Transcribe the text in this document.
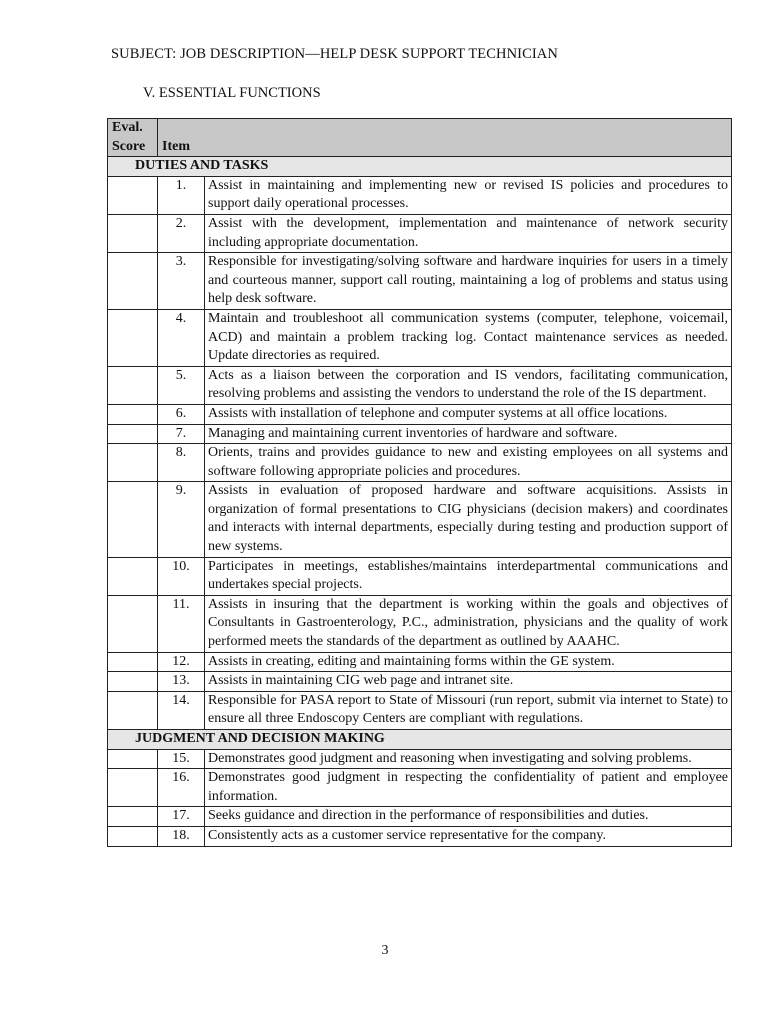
SUBJECT: JOB DESCRIPTION—HELP DESK SUPPORT TECHNICIAN

V. ESSENTIAL FUNCTIONS

Eval.
Score	Item	
DUTIES AND TASKS		
	1.	Assist in maintaining and implementing new or revised IS policies and procedures to support daily operational processes.
	2.	Assist with the development, implementation and maintenance of network security including appropriate documentation.
	3.	Responsible for investigating/solving software and hardware inquiries for users in a timely and courteous manner, support call routing, maintaining a log of problems and status using help desk software.
	4.	Maintain and troubleshoot all communication systems (computer, telephone, voicemail, ACD) and maintain a problem tracking log. Contact maintenance services as needed. Update directories as required.
	5.	Acts as a liaison between the corporation and IS vendors, facilitating communication, resolving problems and assisting the vendors to understand the role of the IS department.
	6.	Assists with installation of telephone and computer systems at all office locations.
	7.	Managing and maintaining current inventories of hardware and software.
	8.	Orients, trains and provides guidance to new and existing employees on all systems and software following appropriate policies and procedures.
	9.	Assists in evaluation of proposed hardware and software acquisitions. Assists in organization of formal presentations to CIG physicians (decision makers) and coordinates and interacts with internal departments, especially during testing and production support of new systems.
	10.	Participates in meetings, establishes/maintains interdepartmental communications and undertakes special projects.
	11.	Assists in insuring that the department is working within the goals and objectives of Consultants in Gastroenterology, P.C., administration, physicians and the quality of work performed meets the standards of the department as outlined by AAAHC.
	12.	Assists in creating, editing and maintaining forms within the GE system.
	13.	Assists in maintaining CIG web page and intranet site.
	14.	Responsible for PASA report to State of Missouri (run report, submit via internet to State) to ensure all three Endoscopy Centers are compliant with regulations.
JUDGMENT AND DECISION MAKING		
	15.	Demonstrates good judgment and reasoning when investigating and solving problems.
	16.	Demonstrates good judgment in respecting the confidentiality of patient and employee information.
	17.	Seeks guidance and direction in the performance of responsibilities and duties.
	18.	Consistently acts as a customer service representative for the company.
3
